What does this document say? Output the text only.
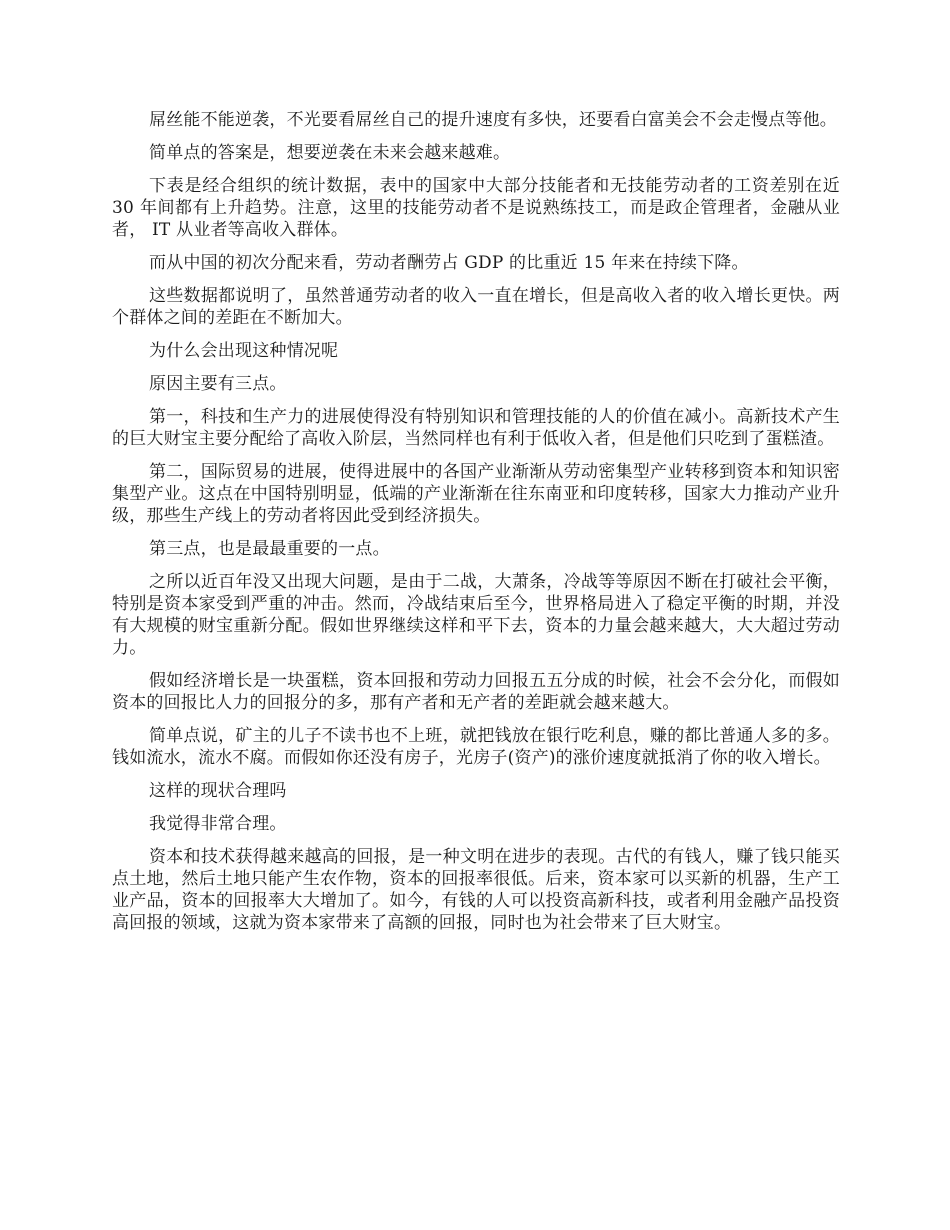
屌丝能不能逆袭，不光要看屌丝自己的提升速度有多快，还要看白富美会不会走慢点等他。

简单点的答案是，想要逆袭在未来会越来越难。

下表是经合组织的统计数据，表中的国家中大部分技能者和无技能劳动者的工资差别在近 30 年间都有上升趋势。注意，这里的技能劳动者不是说熟练技工，而是政企管理者，金融从业者， IT 从业者等高收入群体。

而从中国的初次分配来看，劳动者酬劳占 GDP 的比重近 15 年来在持续下降。

这些数据都说明了，虽然普通劳动者的收入一直在增长，但是高收入者的收入增长更快。两个群体之间的差距在不断加大。

为什么会出现这种情况呢

原因主要有三点。

第一，科技和生产力的进展使得没有特别知识和管理技能的人的价值在减小。高新技术产生的巨大财宝主要分配给了高收入阶层，当然同样也有利于低收入者，但是他们只吃到了蛋糕渣。

第二，国际贸易的进展，使得进展中的各国产业渐渐从劳动密集型产业转移到资本和知识密集型产业。这点在中国特别明显，低端的产业渐渐在往东南亚和印度转移，国家大力推动产业升级，那些生产线上的劳动者将因此受到经济损失。

第三点，也是最最重要的一点。

之所以近百年没又出现大问题，是由于二战，大萧条，冷战等等原因不断在打破社会平衡，特别是资本家受到严重的冲击。然而，冷战结束后至今，世界格局进入了稳定平衡的时期，并没有大规模的财宝重新分配。假如世界继续这样和平下去，资本的力量会越来越大，大大超过劳动力。

假如经济增长是一块蛋糕，资本回报和劳动力回报五五分成的时候，社会不会分化，而假如资本的回报比人力的回报分的多，那有产者和无产者的差距就会越来越大。

简单点说，矿主的儿子不读书也不上班，就把钱放在银行吃利息，赚的都比普通人多的多。钱如流水，流水不腐。而假如你还没有房子，光房子(资产)的涨价速度就抵消了你的收入增长。

这样的现状合理吗

我觉得非常合理。

资本和技术获得越来越高的回报，是一种文明在进步的表现。古代的有钱人，赚了钱只能买点土地，然后土地只能产生农作物，资本的回报率很低。后来，资本家可以买新的机器，生产工业产品，资本的回报率大大增加了。如今，有钱的人可以投资高新科技，或者利用金融产品投资高回报的领域，这就为资本家带来了高额的回报，同时也为社会带来了巨大财宝。
